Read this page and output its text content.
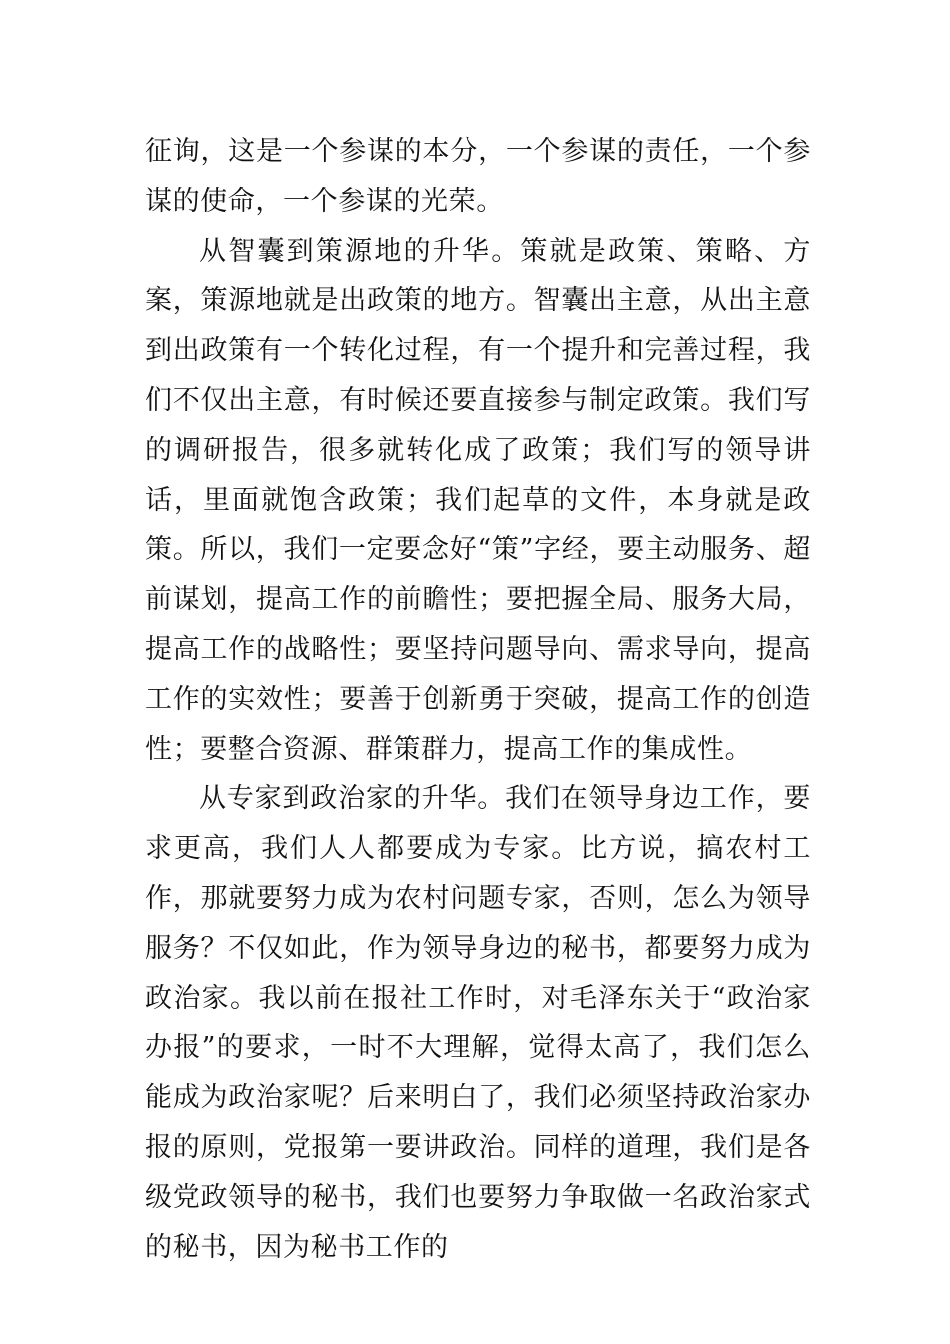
征询，这是一个参谋的本分，一个参谋的责任，一个参谋的使命，一个参谋的光荣。

从智囊到策源地的升华。策就是政策、策略、方案，策源地就是出政策的地方。智囊出主意，从出主意到出政策有一个转化过程，有一个提升和完善过程，我们不仅出主意，有时候还要直接参与制定政策。我们写的调研报告，很多就转化成了政策；我们写的领导讲话，里面就饱含政策；我们起草的文件，本身就是政策。所以，我们一定要念好“策”字经，要主动服务、超前谋划，提高工作的前瞻性；要把握全局、服务大局，提高工作的战略性；要坚持问题导向、需求导向，提高工作的实效性；要善于创新勇于突破，提高工作的创造性；要整合资源、群策群力，提高工作的集成性。

从专家到政治家的升华。我们在领导身边工作，要求更高，我们人人都要成为专家。比方说，搞农村工作，那就要努力成为农村问题专家，否则，怎么为领导服务？不仅如此，作为领导身边的秘书，都要努力成为政治家。我以前在报社工作时，对毛泽东关于“政治家办报”的要求，一时不大理解，觉得太高了，我们怎么能成为政治家呢？后来明白了，我们必须坚持政治家办报的原则，党报第一要讲政治。同样的道理，我们是各级党政领导的秘书，我们也要努力争取做一名政治家式的秘书，因为秘书工作的
